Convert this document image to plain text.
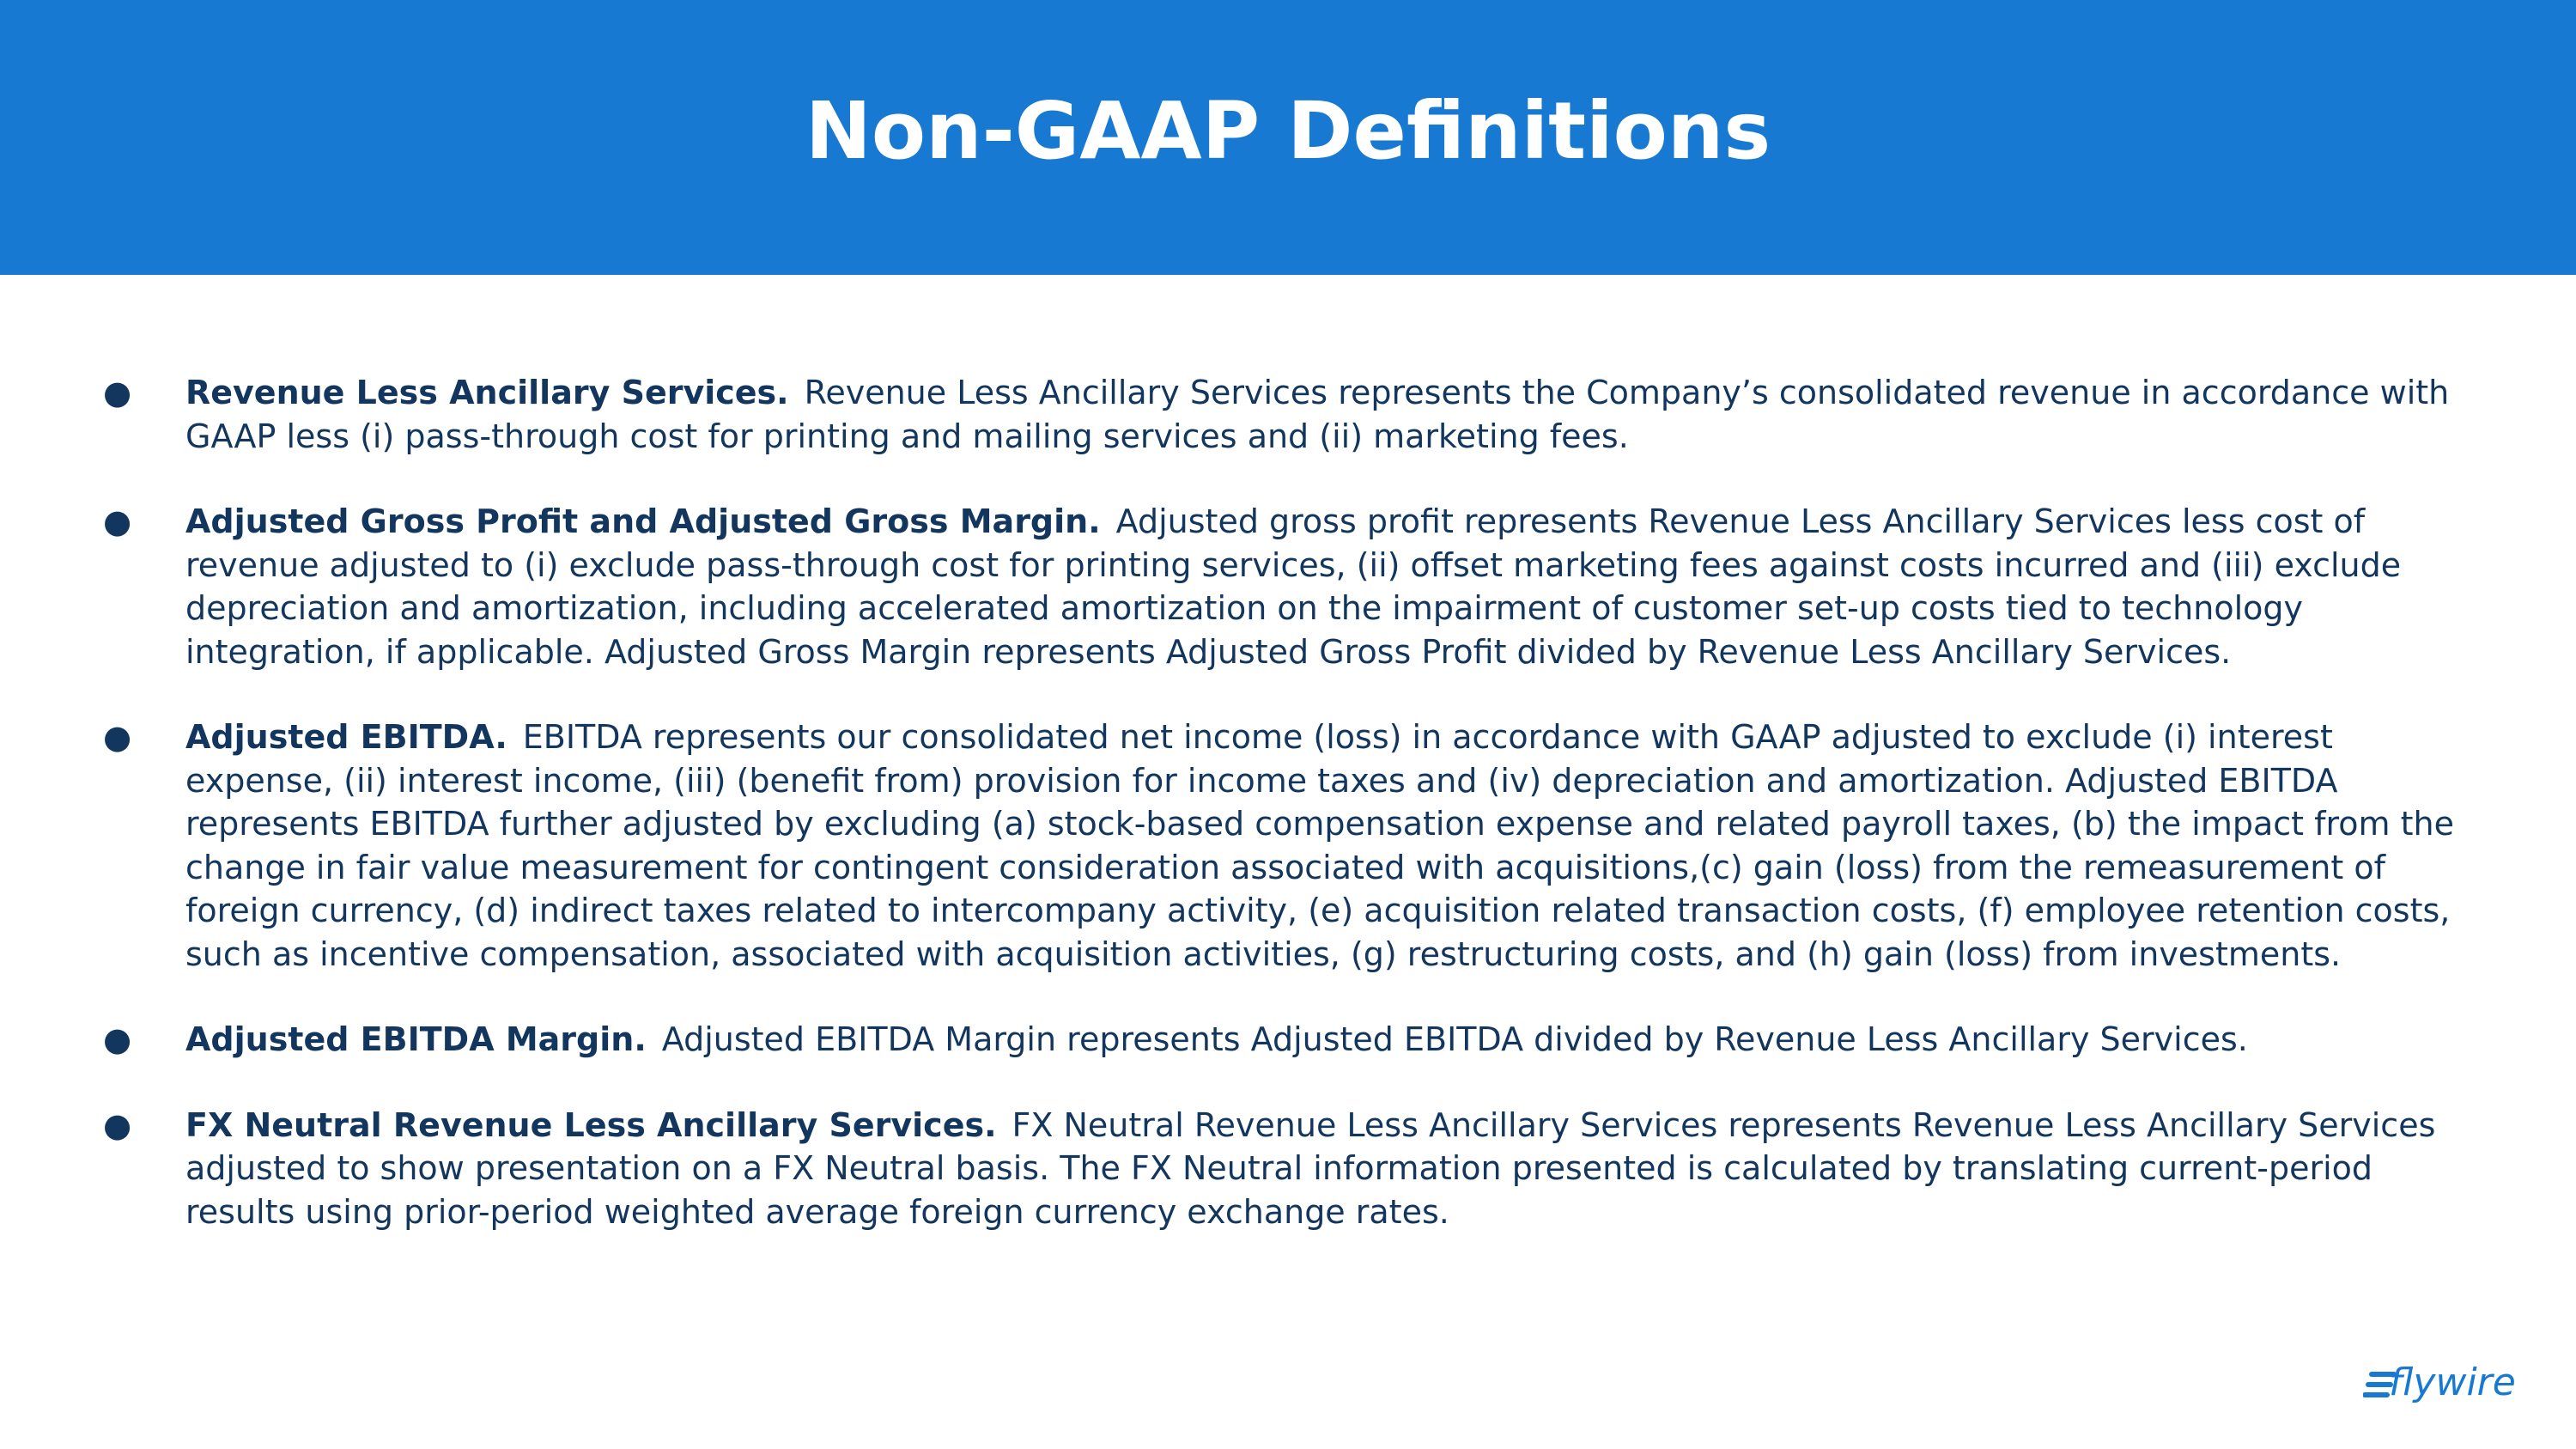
Non-GAAP Definitions
● Revenue Less Ancillary Services. Revenue Less Ancillary Services represents the Company’s consolidated revenue in accordance with GAAP less (i) pass-through cost for printing and mailing services and (ii) marketing fees.
● Adjusted Gross Profit and Adjusted Gross Margin. Adjusted gross profit represents Revenue Less Ancillary Services less cost of revenue adjusted to (i) exclude pass-through cost for printing services, (ii) offset marketing fees against costs incurred and (iii) exclude depreciation and amortization, including accelerated amortization on the impairment of customer set-up costs tied to technology integration, if applicable. Adjusted Gross Margin represents Adjusted Gross Profit divided by Revenue Less Ancillary Services.
● Adjusted EBITDA. EBITDA represents our consolidated net income (loss) in accordance with GAAP adjusted to exclude (i) interest expense, (ii) interest income, (iii) (benefit from) provision for income taxes and (iv) depreciation and amortization. Adjusted EBITDA represents EBITDA further adjusted by excluding (a) stock-based compensation expense and related payroll taxes, (b) the impact from the change in fair value measurement for contingent consideration associated with acquisitions,(c) gain (loss) from the remeasurement of foreign currency, (d) indirect taxes related to intercompany activity, (e) acquisition related transaction costs, (f) employee retention costs, such as incentive compensation, associated with acquisition activities, (g) restructuring costs, and (h) gain (loss) from investments.
● Adjusted EBITDA Margin. Adjusted EBITDA Margin represents Adjusted EBITDA divided by Revenue Less Ancillary Services.
● FX Neutral Revenue Less Ancillary Services. FX Neutral Revenue Less Ancillary Services represents Revenue Less Ancillary Services adjusted to show presentation on a FX Neutral basis. The FX Neutral information presented is calculated by translating current-period results using prior-period weighted average foreign currency exchange rates.
flywire
